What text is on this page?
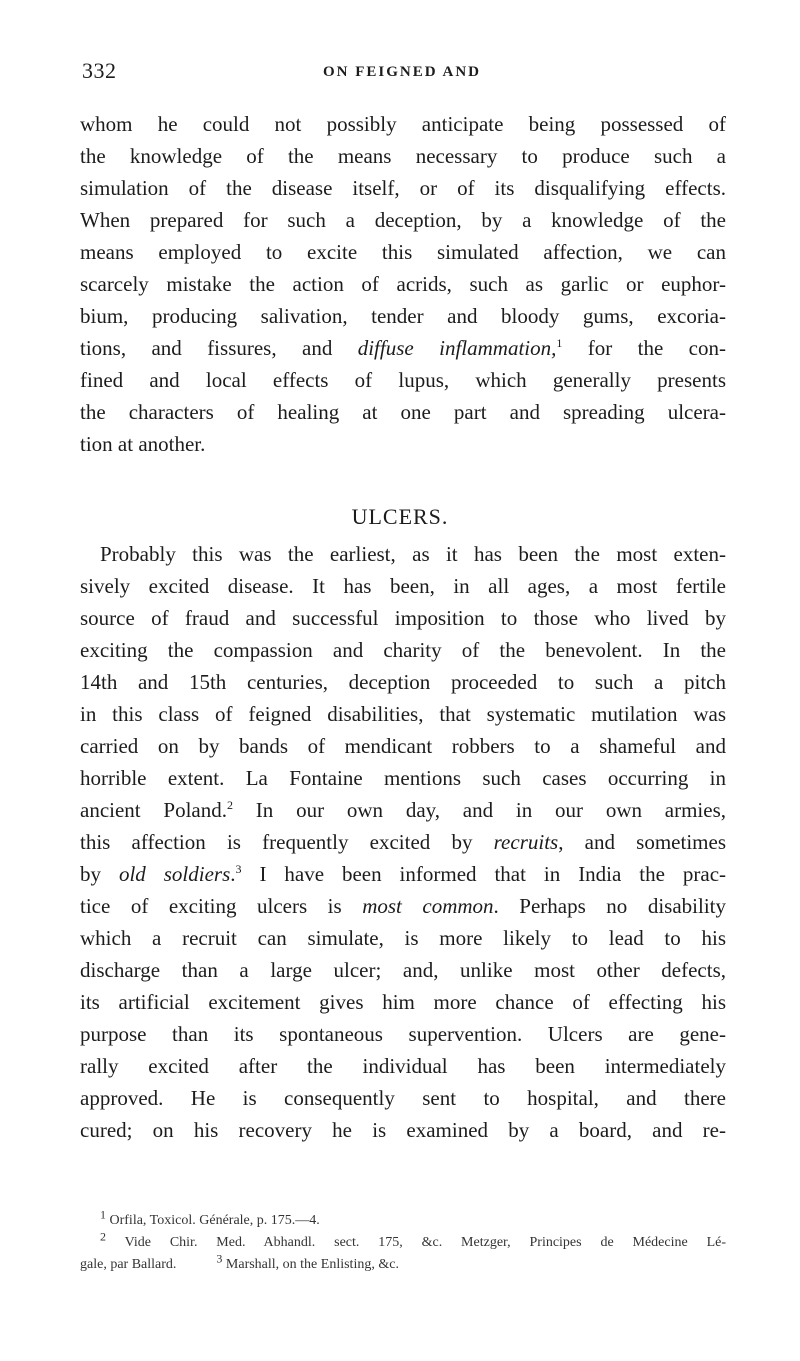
332	ON FEIGNED AND
whom he could not possibly anticipate being possessed of
the knowledge of the means necessary to produce such a
simulation of the disease itself, or of its disqualifying effects.
When prepared for such a deception, by a knowledge of the
means employed to excite this simulated affection, we can
scarcely mistake the action of acrids, such as garlic or euphor-
bium, producing salivation, tender and bloody gums, excoria-
tions, and fissures, and diffuse inflammation,$^1$ for the con-
fined and local effects of lupus, which generally presents
the characters of healing at one part and spreading ulcera-
tion at another.
ULCERS.
Probably this was the earliest, as it has been the most exten-
sively excited disease. It has been, in all ages, a most fertile
source of fraud and successful imposition to those who lived by
exciting the compassion and charity of the benevolent. In the
14th and 15th centuries, deception proceeded to such a pitch
in this class of feigned disabilities, that systematic mutilation was
carried on by bands of mendicant robbers to a shameful and
horrible extent. La Fontaine mentions such cases occurring in
ancient Poland.$^2$ In our own day, and in our own armies,
this affection is frequently excited by recruits, and sometimes
by old soldiers.$^3$ I have been informed that in India the prac-
tice of exciting ulcers is most common. Perhaps no disability
which a recruit can simulate, is more likely to lead to his
discharge than a large ulcer; and, unlike most other defects,
its artificial excitement gives him more chance of effecting his
purpose than its spontaneous supervention. Ulcers are gene-
rally excited after the individual has been intermediately
approved. He is consequently sent to hospital, and there
cured; on his recovery he is examined by a board, and re-
$^1$ Orfila, Toxicol. Générale, p. 175.—4.
$^2$ Vide Chir. Med. Abhandl. sect. 175, &c. Metzger, Principes de Médecine Lé-
gale, par Ballard.	$^3$ Marshall, on the Enlisting, &c.
